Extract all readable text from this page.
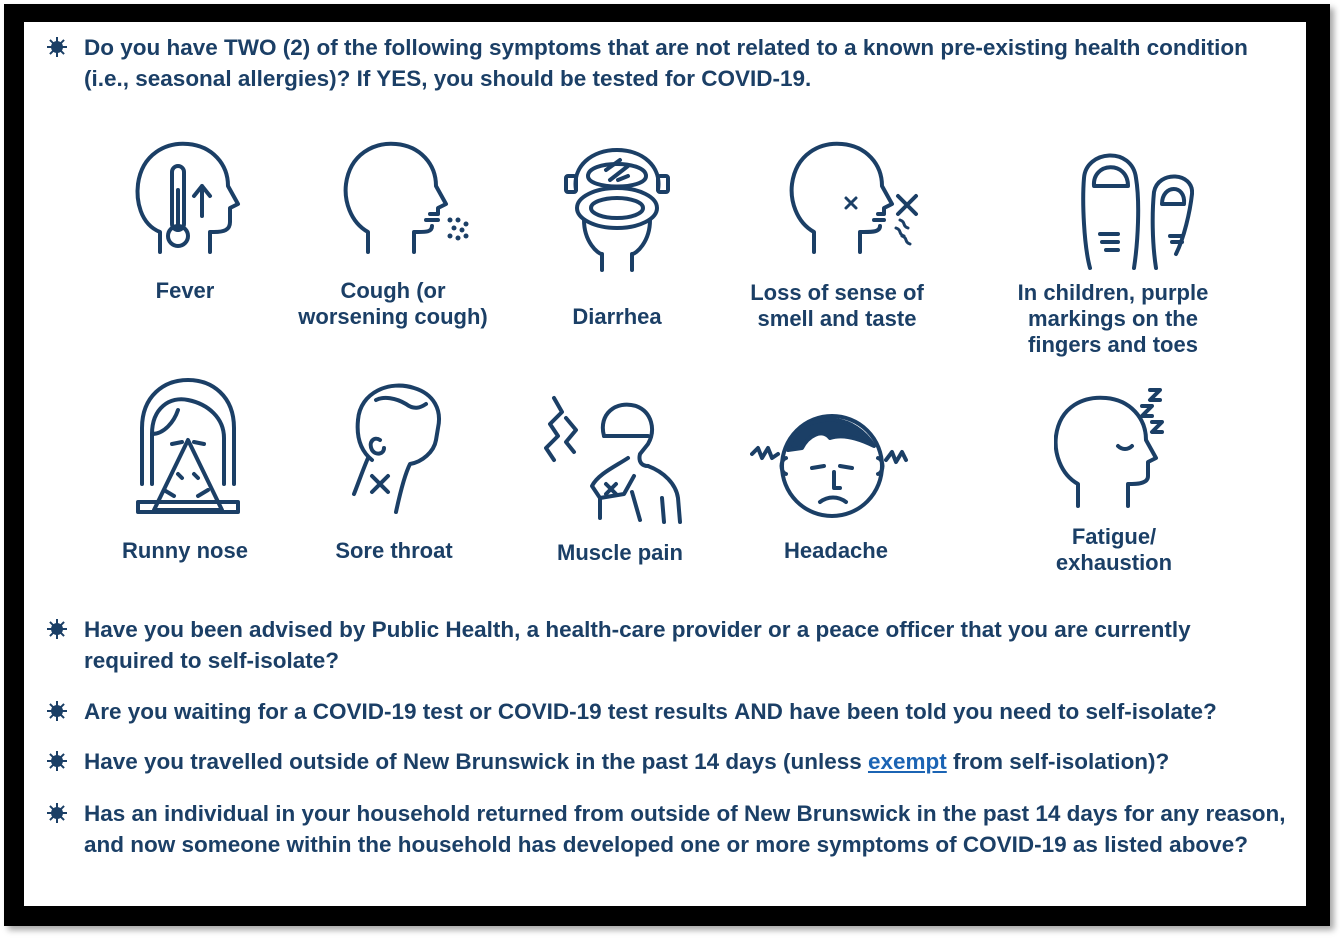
Do you have TWO (2) of the following symptoms that are not related to a known pre-existing health condition (i.e., seasonal allergies)? If YES, you should be tested for COVID-19.
Fever	Cough (or worsening cough)	Diarrhea
Loss of sense of smell and taste
In children, purple markings on the fingers and toes
Runny nose	Sore throat	Muscle pain	Headache
Fatigue/ exhaustion
Have you been advised by Public Health, a health-care provider or a peace officer that you are currently required to self-isolate?
Are you waiting for a COVID-19 test or COVID-19 test results AND have been told you need to self-isolate?
Have you travelled outside of New Brunswick in the past 14 days (unless exempt from self-isolation)?
Has an individual in your household returned from outside of New Brunswick in the past 14 days for any reason, and now someone within the household has developed one or more symptoms of COVID-19 as listed above?
